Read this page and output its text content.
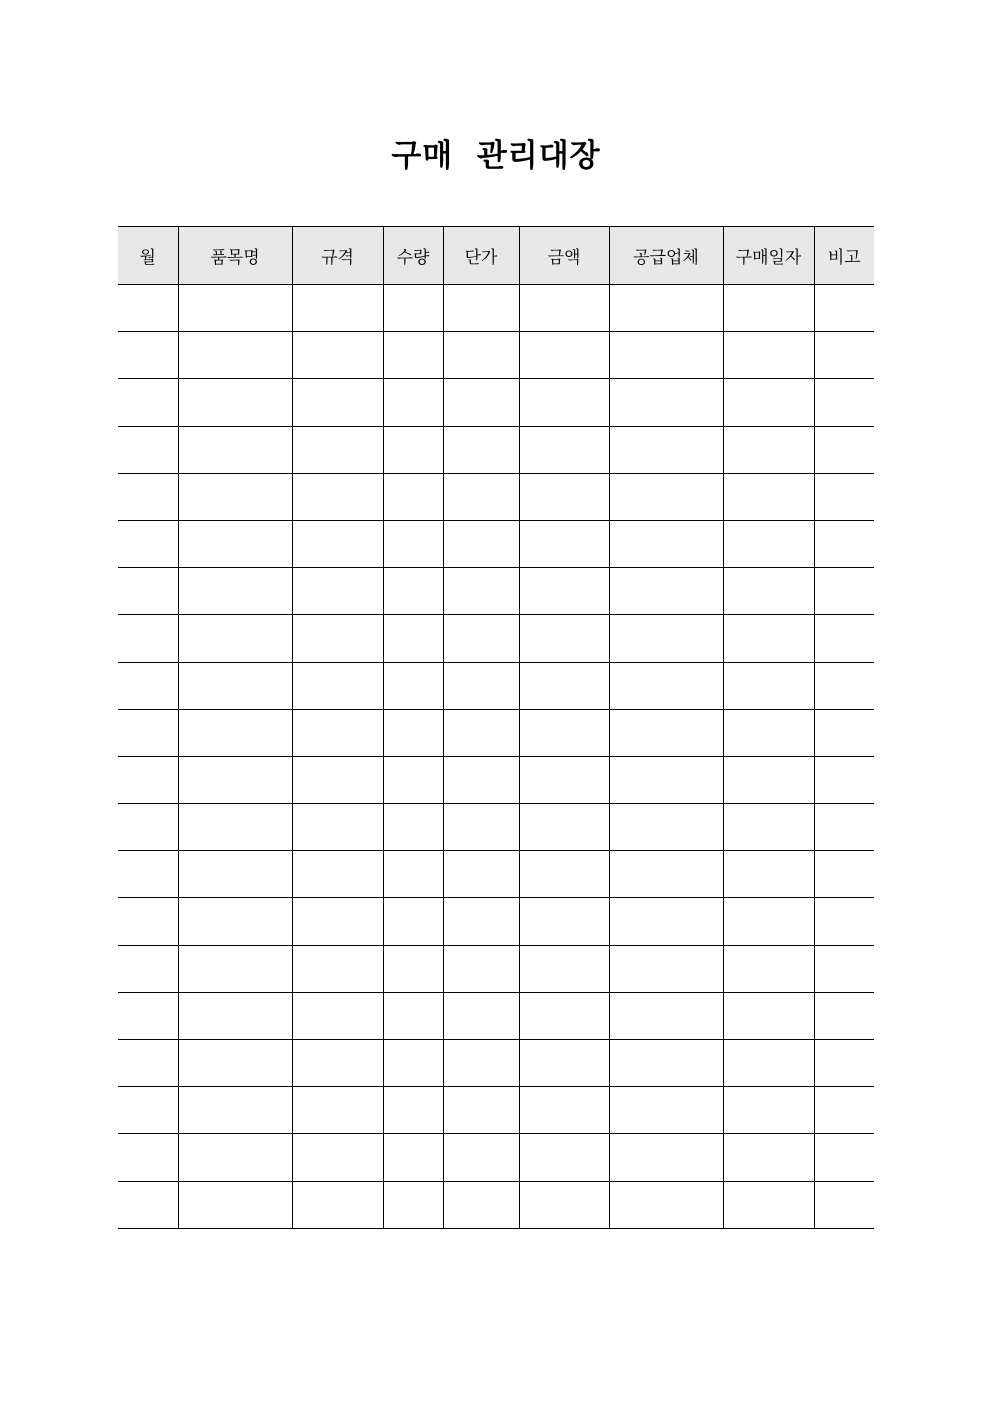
구매  관리대장
월	품목명	규격	수량	단가	금액	공급업체	구매일자	비고
